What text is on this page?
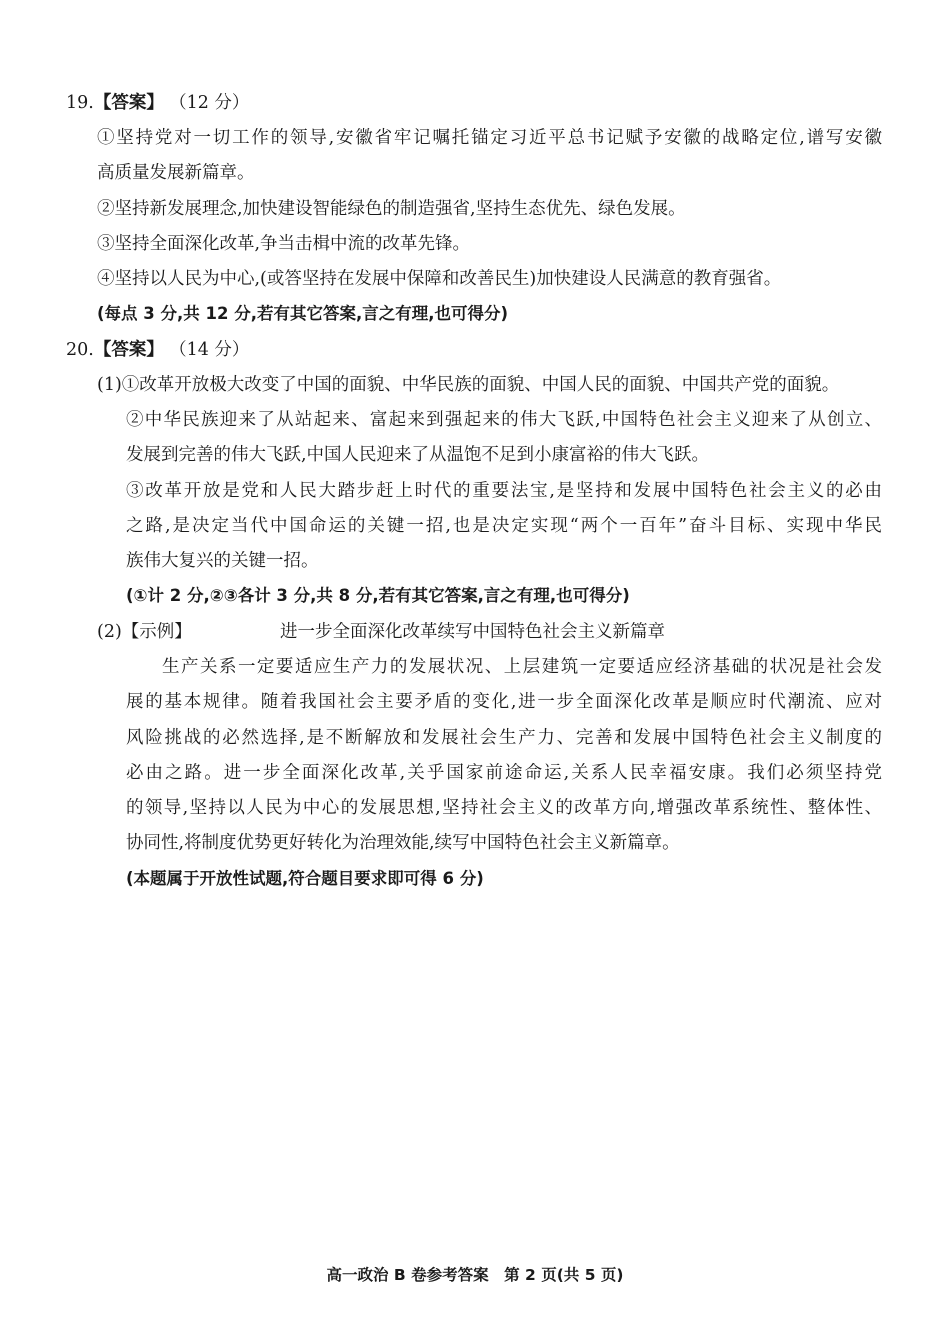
19.【答案】 （12 分）
①坚持党对一切工作的领导,安徽省牢记嘱托锚定习近平总书记赋予安徽的战略定位,谱写安徽
高质量发展新篇章。
②坚持新发展理念,加快建设智能绿色的制造强省,坚持生态优先、绿色发展。
③坚持全面深化改革,争当击楫中流的改革先锋。
④坚持以人民为中心,(或答坚持在发展中保障和改善民生)加快建设人民满意的教育强省。
(每点 3 分,共 12 分,若有其它答案,言之有理,也可得分)
20.【答案】 （14 分）
(1)①改革开放极大改变了中国的面貌、中华民族的面貌、中国人民的面貌、中国共产党的面貌。
②中华民族迎来了从站起来、富起来到强起来的伟大飞跃,中国特色社会主义迎来了从创立、
发展到完善的伟大飞跃,中国人民迎来了从温饱不足到小康富裕的伟大飞跃。
③改革开放是党和人民大踏步赶上时代的重要法宝,是坚持和发展中国特色社会主义的必由
之路,是决定当代中国命运的关键一招,也是决定实现“两个一百年”奋斗目标、实现中华民
族伟大复兴的关键一招。
(①计 2 分,②③各计 3 分,共 8 分,若有其它答案,言之有理,也可得分)
(2)【示例】	进一步全面深化改革续写中国特色社会主义新篇章
生产关系一定要适应生产力的发展状况、上层建筑一定要适应经济基础的状况是社会发
展的基本规律。随着我国社会主要矛盾的变化,进一步全面深化改革是顺应时代潮流、应对
风险挑战的必然选择,是不断解放和发展社会生产力、完善和发展中国特色社会主义制度的
必由之路。进一步全面深化改革,关乎国家前途命运,关系人民幸福安康。我们必须坚持党
的领导,坚持以人民为中心的发展思想,坚持社会主义的改革方向,增强改革系统性、整体性、
协同性,将制度优势更好转化为治理效能,续写中国特色社会主义新篇章。
(本题属于开放性试题,符合题目要求即可得 6 分)
高一政治 B 卷参考答案　第 2 页(共 5 页)
